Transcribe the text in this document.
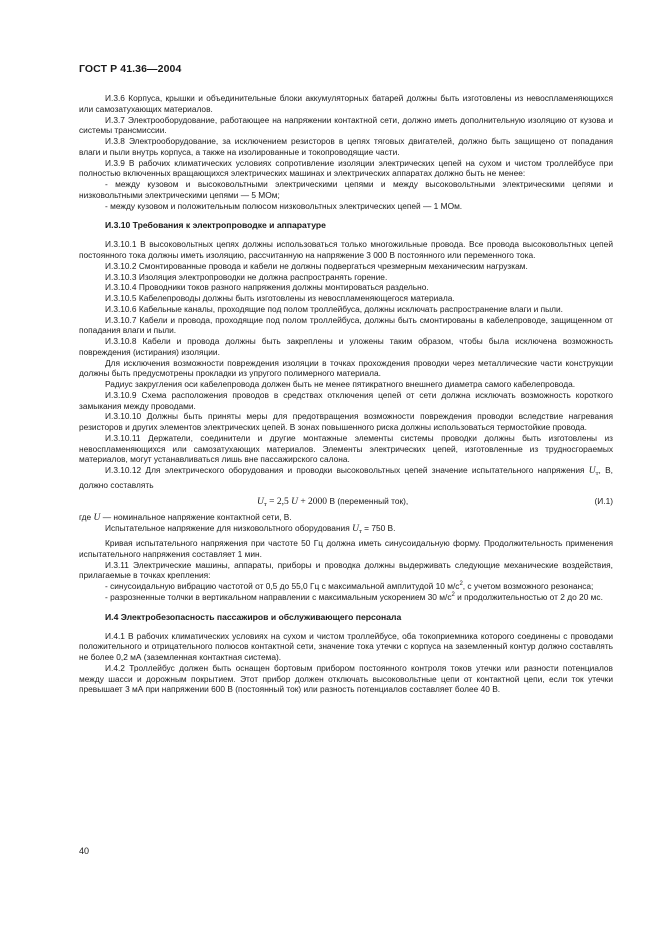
ГОСТ Р 41.36—2004

И.3.6 Корпуса, крышки и объединительные блоки аккумуляторных батарей должны быть изготовлены из невоспламеняющихся или самозатухающих материалов.

И.3.7 Электрооборудование, работающее на напряжении контактной сети, должно иметь дополнительную изоляцию от кузова и системы трансмиссии.

И.3.8 Электрооборудование, за исключением резисторов в цепях тяговых двигателей, должно быть защищено от попадания влаги и пыли внутрь корпуса, а также на изолированные и токопроводящие части.

И.3.9 В рабочих климатических условиях сопротивление изоляции электрических цепей на сухом и чистом троллейбусе при полностью включенных вращающихся электрических машинах и электрических аппаратах должно быть не менее:

- между кузовом и высоковольтными электрическими цепями и между высоковольтными электрическими цепями и низковольтными электрическими цепями — 5 МОм;

- между кузовом и положительным полюсом низковольтных электрических цепей — 1 МОм.

И.3.10 Требования к электропроводке и аппаратуре

И.3.10.1 В высоковольтных цепях должны использоваться только многожильные провода. Все провода высоковольтных цепей постоянного тока должны иметь изоляцию, рассчитанную на напряжение 3 000 В постоянного или переменного тока.

И.3.10.2 Смонтированные провода и кабели не должны подвергаться чрезмерным механическим нагрузкам.

И.3.10.3 Изоляция электропроводки не должна распространять горение.

И.3.10.4 Проводники токов разного напряжения должны монтироваться раздельно.

И.3.10.5 Кабелепроводы должны быть изготовлены из невоспламеняющегося материала.

И.3.10.6 Кабельные каналы, проходящие под полом троллейбуса, должны исключать распространение влаги и пыли.

И.3.10.7 Кабели и провода, проходящие под полом троллейбуса, должны быть смонтированы в кабелепроводе, защищенном от попадания влаги и пыли.

И.3.10.8 Кабели и провода должны быть закреплены и уложены таким образом, чтобы была исключена возможность повреждения (истирания) изоляции.

Для исключения возможности повреждения изоляции в точках прохождения проводки через металлические части конструкции должны быть предусмотрены прокладки из упругого полимерного материала.

Радиус закругления оси кабелепровода должен быть не менее пятикратного внешнего диаметра самого кабелепровода.

И.3.10.9 Схема расположения проводов в средствах отключения цепей от сети должна исключать возможность короткого замыкания между проводами.

И.3.10.10 Должны быть приняты меры для предотвращения возможности повреждения проводки вследствие нагревания резисторов и других элементов электрических цепей. В зонах повышенного риска должны использоваться термостойкие провода.

И.3.10.11 Держатели, соединители и другие монтажные элементы системы проводки должны быть изготовлены из невоспламеняющихся или самозатухающих материалов. Элементы электрических цепей, изготовленные из трудносгораемых материалов, могут устанавливаться лишь вне пассажирского салона.

И.3.10.12 Для электрического оборудования и проводки высоковольтных цепей значение испытательного напряжения $U_т$, В, должно составлять

$U_т = 2,5$ U + 2000 В (переменный ток),	(И.1)

где U — номинальное напряжение контактной сети, В.

Испытательное напряжение для низковольтного оборудования $U_т = 750$ В.

Кривая испытательного напряжения при частоте 50 Гц должна иметь синусоидальную форму. Продолжительность применения испытательного напряжения составляет 1 мин.

И.3.11 Электрические машины, аппараты, приборы и проводка должны выдерживать следующие механические воздействия, прилагаемые в точках крепления:

- синусоидальную вибрацию частотой от 0,5 до 55,0 Гц с максимальной амплитудой 10 $м/с^2$, с учетом возможного резонанса;

- разрозненные толчки в вертикальном направлении с максимальным ускорением 30 $м/с^2$ и продолжительностью от 2 до 20 мс.

И.4 Электробезопасность пассажиров и обслуживающего персонала

И.4.1 В рабочих климатических условиях на сухом и чистом троллейбусе, оба токоприемника которого соединены с проводами положительного и отрицательного полюсов контактной сети, значение тока утечки с корпуса на заземленный контур должно составлять не более 0,2 мА (заземленная контактная система).

И.4.2 Троллейбус должен быть оснащен бортовым прибором постоянного контроля токов утечки или разности потенциалов между шасси и дорожным покрытием. Этот прибор должен отключать высоковольтные цепи от контактной цепи, если ток утечки превышает 3 мА при напряжении 600 В (постоянный ток) или разность потенциалов составляет более 40 В.

40
